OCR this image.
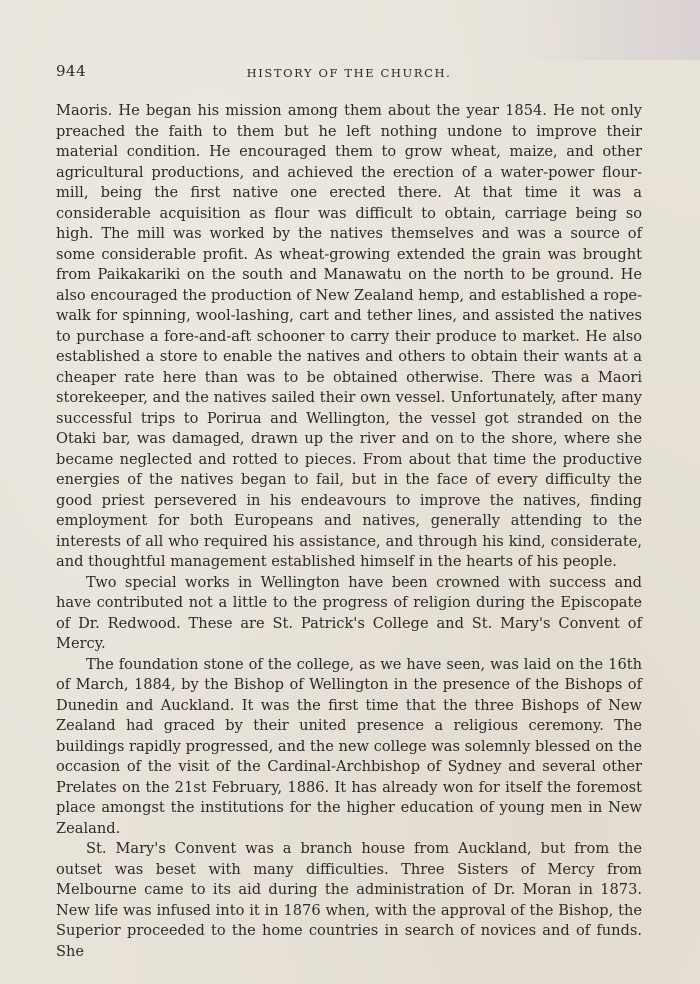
944	HISTORY OF THE CHURCH.

Maoris. He began his mission among them about the year 1854. He not only preached the faith to them but he left nothing undone to improve their material condition. He encouraged them to grow wheat, maize, and other agricultural productions, and achieved the erection of a water-power flour-mill, being the first native one erected there. At that time it was a considerable acquisition as flour was difficult to obtain, carriage being so high. The mill was worked by the natives themselves and was a source of some considerable profit. As wheat-growing extended the grain was brought from Paikakariki on the south and Manawatu on the north to be ground. He also encouraged the production of New Zealand hemp, and established a rope-walk for spinning, wool-lashing, cart and tether lines, and assisted the natives to purchase a fore-and-aft schooner to carry their produce to market. He also established a store to enable the natives and others to obtain their wants at a cheaper rate here than was to be obtained otherwise. There was a Maori storekeeper, and the natives sailed their own vessel. Unfortunately, after many successful trips to Porirua and Wellington, the vessel got stranded on the Otaki bar, was damaged, drawn up the river and on to the shore, where she became neglected and rotted to pieces. From about that time the productive energies of the natives began to fail, but in the face of every difficulty the good priest persevered in his endeavours to improve the natives, finding employment for both Europeans and natives, generally attending to the interests of all who required his assistance, and through his kind, considerate, and thoughtful management established himself in the hearts of his people.

Two special works in Wellington have been crowned with success and have contributed not a little to the progress of religion during the Episcopate of Dr. Redwood. These are St. Patrick's College and St. Mary's Convent of Mercy.

The foundation stone of the college, as we have seen, was laid on the 16th of March, 1884, by the Bishop of Wellington in the presence of the Bishops of Dunedin and Auckland. It was the first time that the three Bishops of New Zealand had graced by their united presence a religious ceremony. The buildings rapidly progressed, and the new college was solemnly blessed on the occasion of the visit of the Cardinal-Archbishop of Sydney and several other Prelates on the 21st February, 1886. It has already won for itself the foremost place amongst the institutions for the higher education of young men in New Zealand.

St. Mary's Convent was a branch house from Auckland, but from the outset was beset with many difficulties. Three Sisters of Mercy from Melbourne came to its aid during the administration of Dr. Moran in 1873. New life was infused into it in 1876 when, with the approval of the Bishop, the Superior proceeded to the home countries in search of novices and of funds. She
